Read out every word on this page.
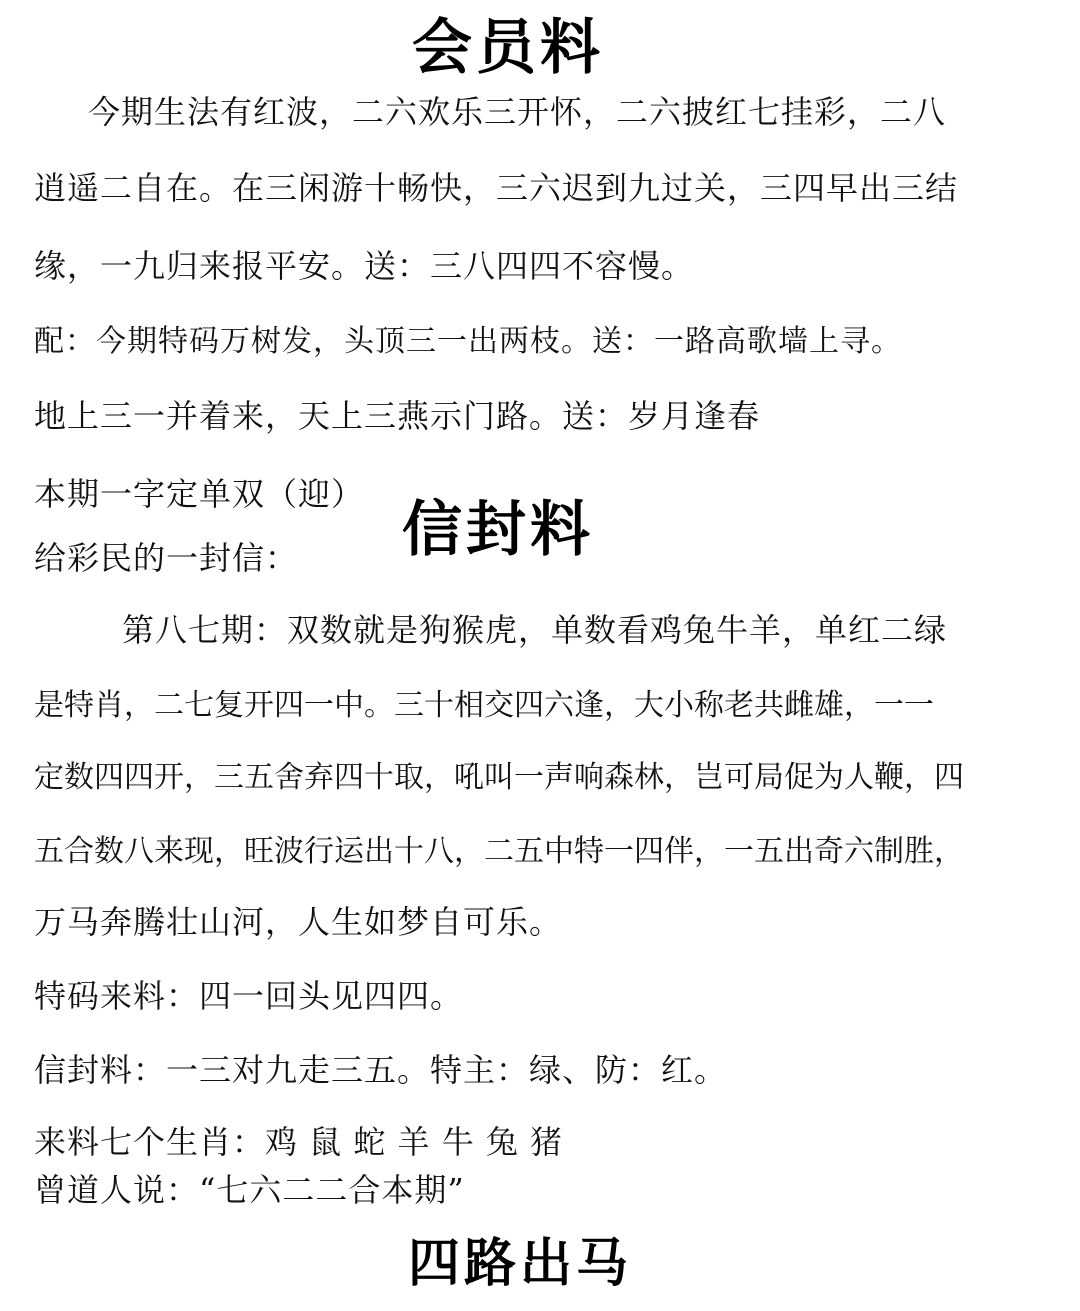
会员料
今期生法有红波，二六欢乐三开怀，二六披红七挂彩，二八
逍遥二自在。在三闲游十畅快，三六迟到九过关，三四早出三结
缘，一九归来报平安。送：三八四四不容慢。
配：今期特码万树发，头顶三一出两枝。送：一路高歌墙上寻。
地上三一并着来，天上三燕示门路。送：岁月逢春
本期一字定单双（迎）
信封料
给彩民的一封信：
第八七期：双数就是狗猴虎，单数看鸡兔牛羊，单红二绿
是特肖，二七复开四一中。三十相交四六逢，大小称老共雌雄，一一
定数四四开，三五舍弃四十取，吼叫一声响森林，岂可局促为人鞭，四
五合数八来现，旺波行运出十八，二五中特一四伴，一五出奇六制胜，
万马奔腾壮山河，人生如梦自可乐。
特码来料：四一回头见四四。
信封料：一三对九走三五。特主：绿、防：红。
来料七个生肖：鸡 鼠 蛇 羊 牛 兔 猪
曾道人说：“七六二二合本期”
四路出马
